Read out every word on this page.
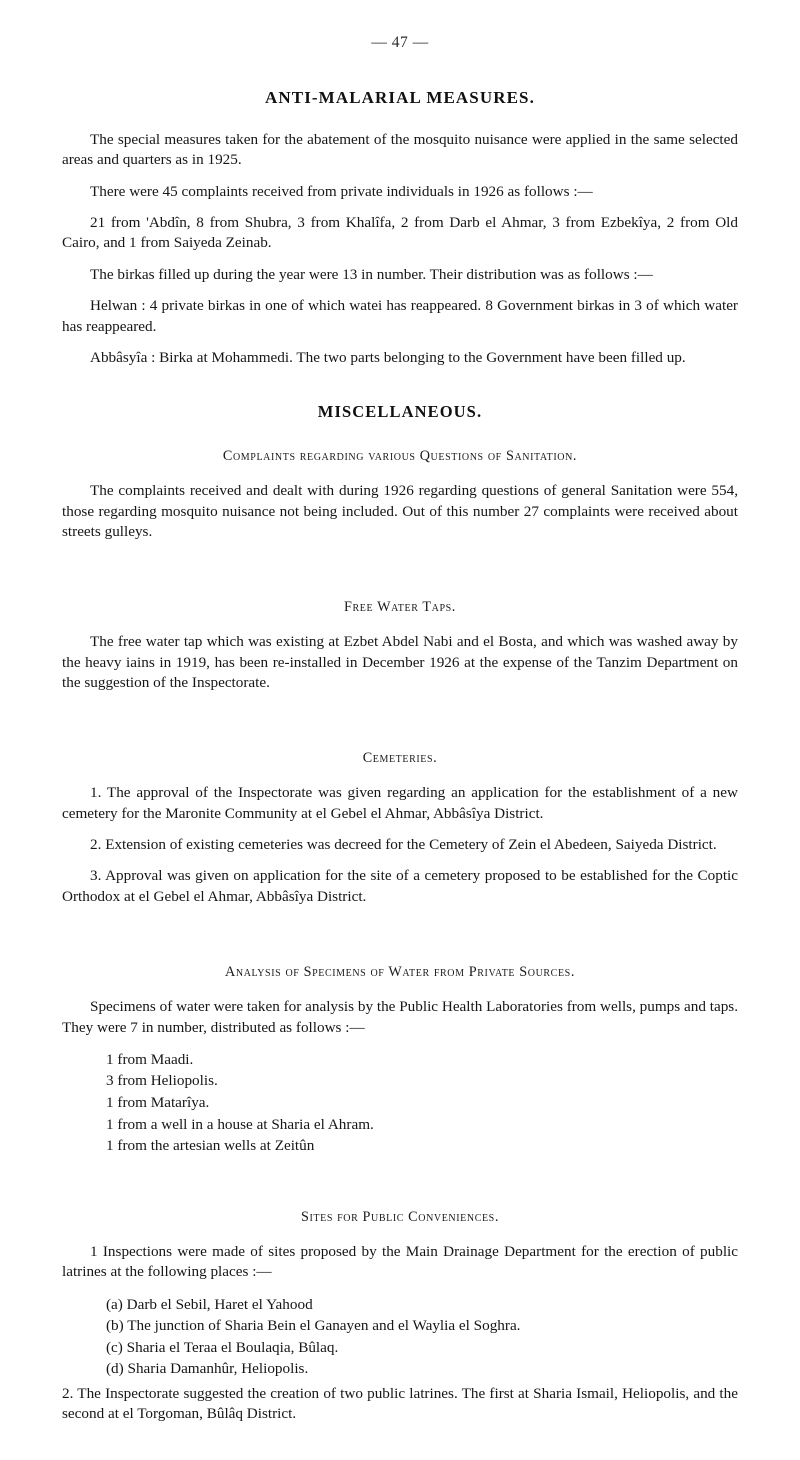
— 47 —
ANTI-MALARIAL MEASURES.

The special measures taken for the abatement of the mosquito nuisance were applied in the same selected areas and quarters as in 1925.

There were 45 complaints received from private individuals in 1926 as follows :—

21 from 'Abdîn, 8 from Shubra, 3 from Khalîfa, 2 from Darb el Ahmar, 3 from Ezbekîya, 2 from Old Cairo, and 1 from Saiyeda Zeinab.

The birkas filled up during the year were 13 in number. Their distribution was as follows :—

Helwan : 4 private birkas in one of which watei has reappeared. 8 Government birkas in 3 of which water has reappeared.

Abbâsyîa : Birka at Mohammedi. The two parts belonging to the Government have been filled up.

MISCELLANEOUS.
Complaints regarding various Questions of Sanitation.

The complaints received and dealt with during 1926 regarding questions of general Sanitation were 554, those regarding mosquito nuisance not being included. Out of this number 27 complaints were received about streets gulleys.

Free Water Taps.

The free water tap which was existing at Ezbet Abdel Nabi and el Bosta, and which was washed away by the heavy iains in 1919, has been re-installed in December 1926 at the expense of the Tanzim Department on the suggestion of the Inspectorate.

Cemeteries.

1. The approval of the Inspectorate was given regarding an application for the establishment of a new cemetery for the Maronite Community at el Gebel el Ahmar, Abbâsîya District.

2. Extension of existing cemeteries was decreed for the Cemetery of Zein el Abedeen, Saiyeda District.

3. Approval was given on application for the site of a cemetery proposed to be established for the Coptic Orthodox at el Gebel el Ahmar, Abbâsîya District.

Analysis of Specimens of Water from Private Sources.

Specimens of water were taken for analysis by the Public Health Laboratories from wells, pumps and taps. They were 7 in number, distributed as follows :—

1 from Maadi.
3 from Heliopolis.
1 from Matarîya.
1 from a well in a house at Sharia el Ahram.
1 from the artesian wells at Zeitûn
Sites for Public Conveniences.

1 Inspections were made of sites proposed by the Main Drainage Department for the erection of public latrines at the following places :—

(a) Darb el Sebil, Haret el Yahood
(b) The junction of Sharia Bein el Ganayen and el Waylia el Soghra.
(c) Sharia el Teraa el Boulaqia, Bûlaq.
(d) Sharia Damanhûr, Heliopolis.

2. The Inspectorate suggested the creation of two public latrines. The first at Sharia Ismail, Heliopolis, and the second at el Torgoman, Bûlâq District.
